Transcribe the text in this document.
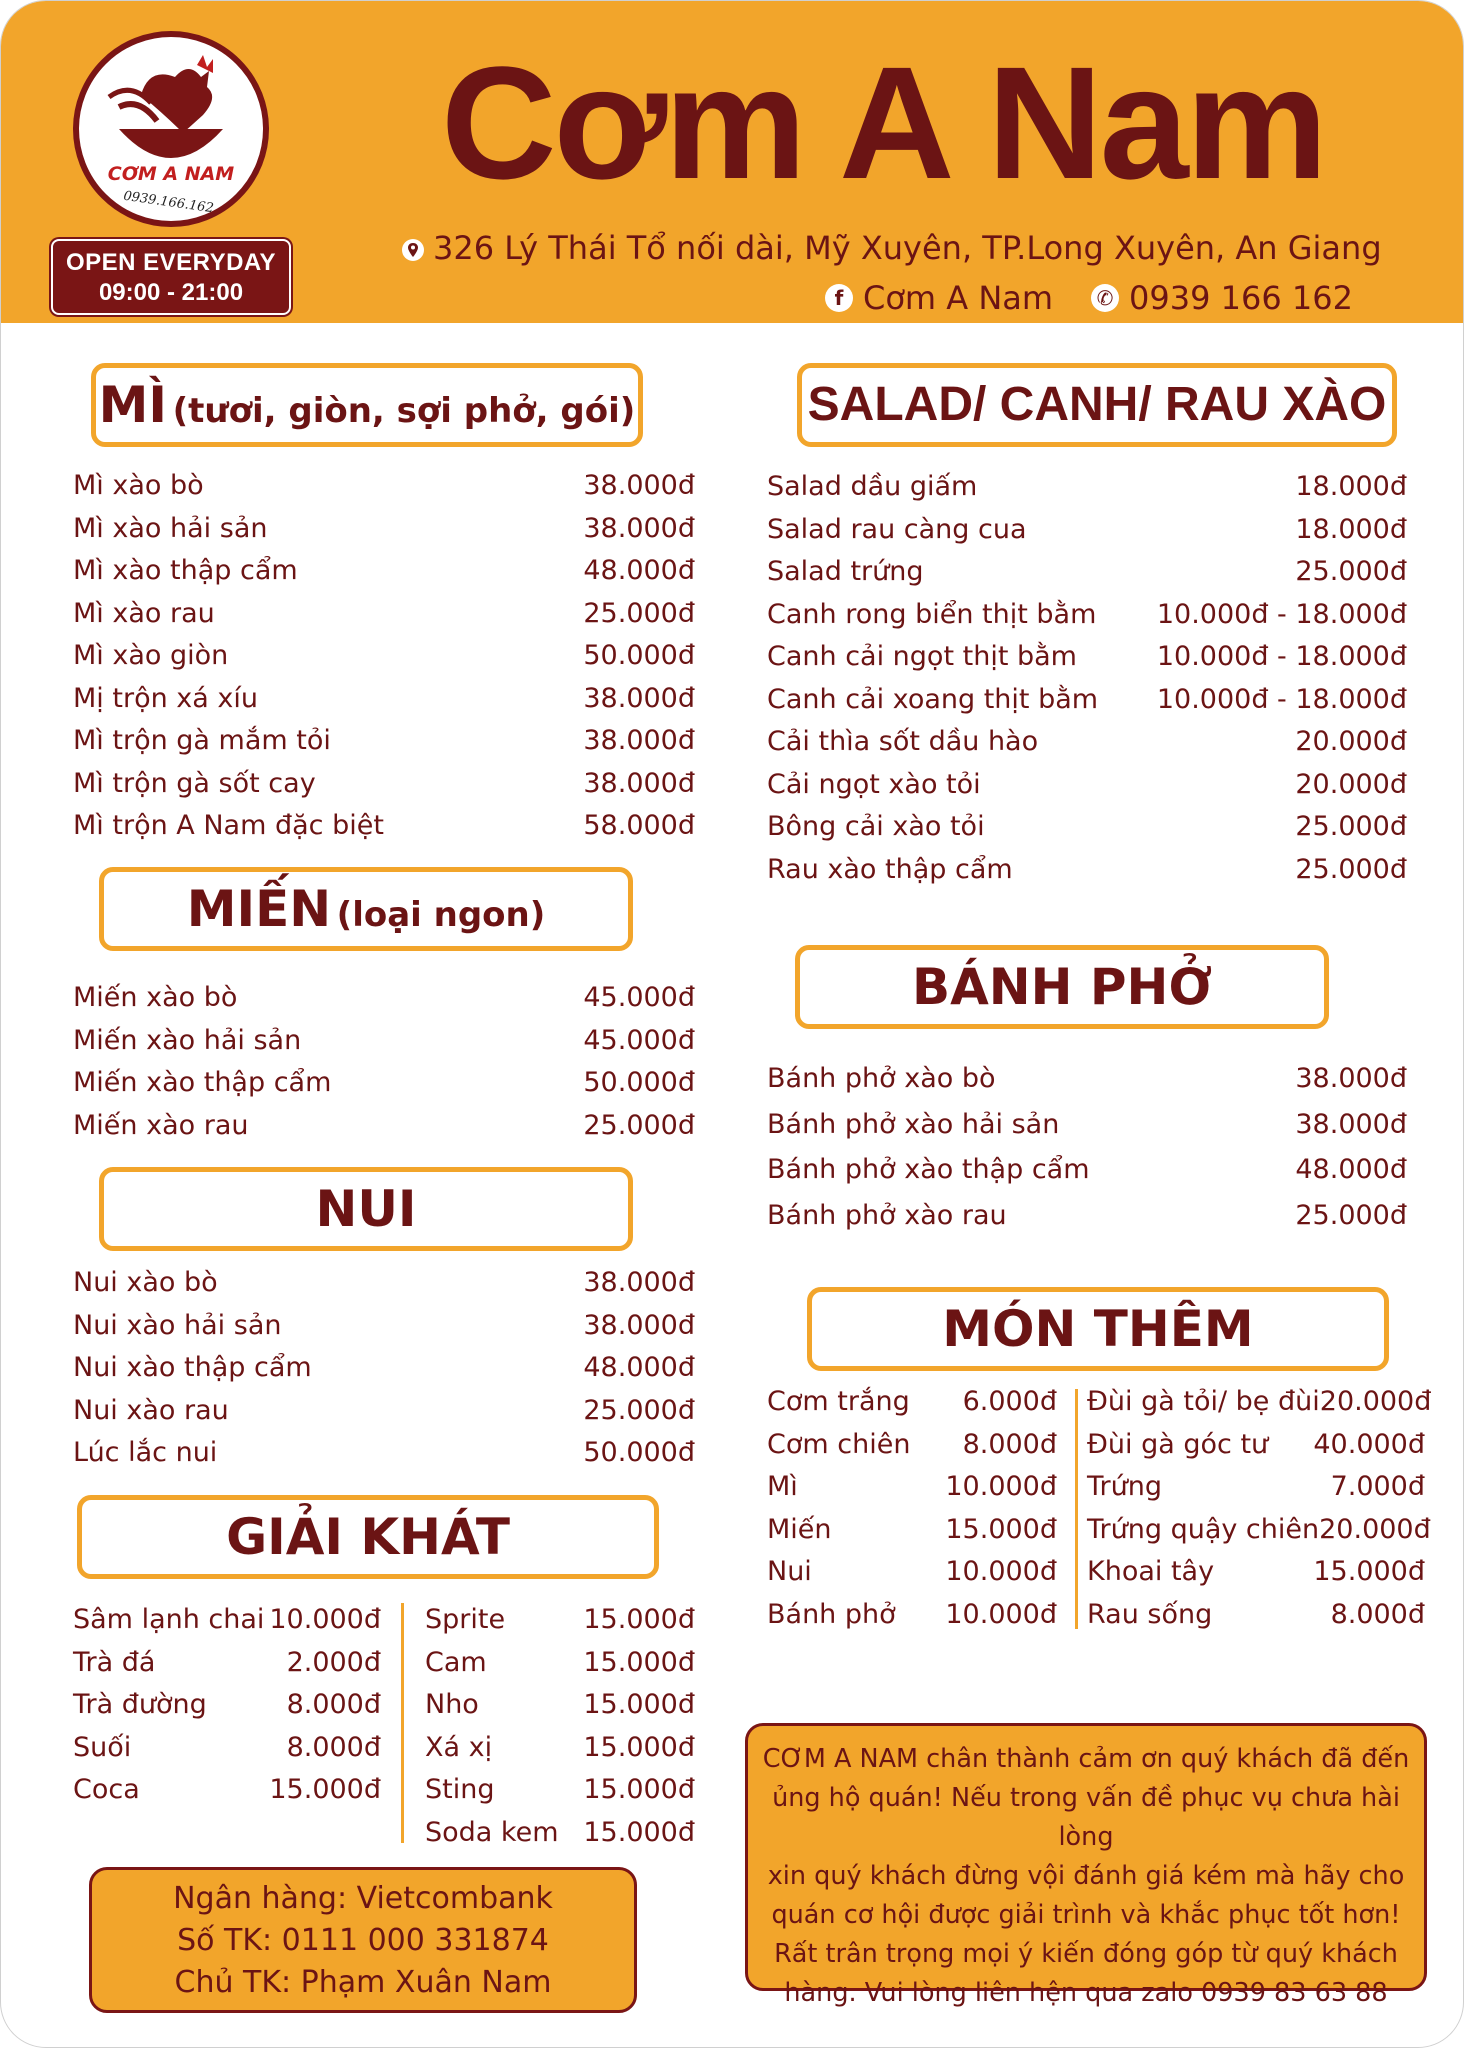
CƠM A NAM
0939.166.162
OPEN EVERYDAY
09:00 - 21:00
Cơm A Nam
326 Lý Thái Tổ nối dài, Mỹ Xuyên, TP.Long Xuyên, An Giang
f Cơm A Nam ✆ 0939 166 162
MÌ (tươi, giòn, sợi phở, gói)
Mì xào bò	38.000đ
Mì xào hải sản	38.000đ
Mì xào thập cẩm	48.000đ
Mì xào rau	25.000đ
Mì xào giòn	50.000đ
Mị trộn xá xíu	38.000đ
Mì trộn gà mắm tỏi	38.000đ
Mì trộn gà sốt cay	38.000đ
Mì trộn A Nam đặc biệt	58.000đ
MIẾN (loại ngon)
Miến xào bò	45.000đ
Miến xào hải sản	45.000đ
Miến xào thập cẩm	50.000đ
Miến xào rau	25.000đ
NUI
Nui xào bò	38.000đ
Nui xào hải sản	38.000đ
Nui xào thập cẩm	48.000đ
Nui xào rau	25.000đ
Lúc lắc nui	50.000đ
GIẢI KHÁT
Sâm lạnh chai 10.000đ
Trà đá	2.000đ
Trà đường	8.000đ
Suối	8.000đ
Coca	15.000đ
Sprite	15.000đ
Cam	15.000đ
Nho	15.000đ
Xá xị	15.000đ
Sting	15.000đ
Soda kem 15.000đ
Ngân hàng: Vietcombank
Số TK: 0111 000 331874
Chủ TK: Phạm Xuân Nam
SALAD/ CANH/ RAU XÀO
Salad dầu giấm	18.000đ
Salad rau càng cua	18.000đ
Salad trứng	25.000đ
Canh rong biển thịt bằm 10.000đ - 18.000đ
Canh cải ngọt thịt bằm	10.000đ - 18.000đ
Canh cải xoang thịt bằm 10.000đ - 18.000đ
Cải thìa sốt dầu hào	20.000đ
Cải ngọt xào tỏi	20.000đ
Bông cải xào tỏi	25.000đ
Rau xào thập cẩm	25.000đ
BÁNH PHỞ
Bánh phở xào bò	38.000đ
Bánh phở xào hải sản	38.000đ
Bánh phở xào thập cẩm	48.000đ
Bánh phở xào rau	25.000đ
MÓN THÊM
Cơm trắng 6.000đ
Cơm chiên 8.000đ
Mì	10.000đ
Miến	15.000đ
Nui	10.000đ
Bánh phở 10.000đ
Đùi gà tỏi/ bẹ đùi 20.000đ
Đùi gà góc tư 40.000đ
Trứng	7.000đ
Trứng quậy chiên 20.000đ
Khoai tây	15.000đ
Rau sống	8.000đ
CƠM A NAM chân thành cảm ơn quý khách đã đến
ủng hộ quán! Nếu trong vấn đề phục vụ chưa hài lòng
xin quý khách đừng vội đánh giá kém mà hãy cho
quán cơ hội được giải trình và khắc phục tốt hơn!
Rất trân trọng mọi ý kiến đóng góp từ quý khách
hàng. Vui lòng liên hện qua zalo 0939 83 63 88
